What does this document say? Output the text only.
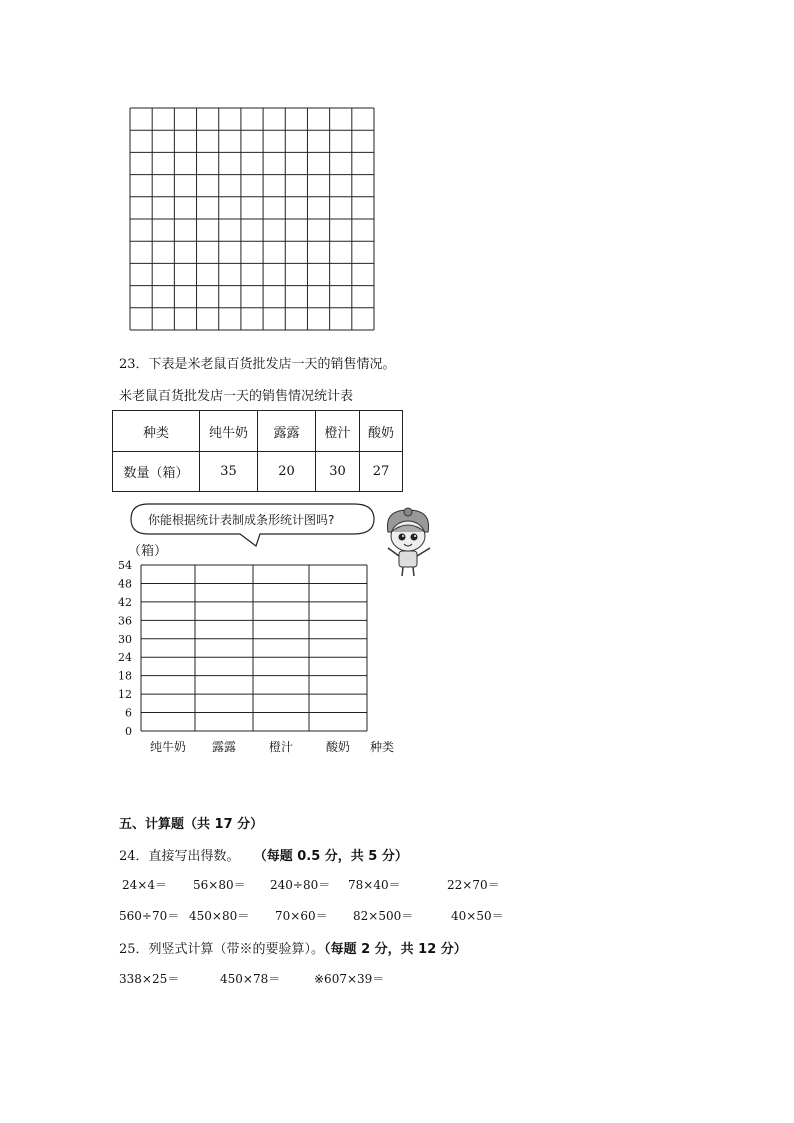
23．下表是米老鼠百货批发店一天的销售情况。
米老鼠百货批发店一天的销售情况统计表
种类	纯牛奶	露露	橙汁	酸奶
数量（箱）	35	20	30	27
你能根据统计表制成条形统计图吗?
（箱）
54
48
42
36
30
24
18
12
6
0
纯牛奶 露露	橙汁	酸奶 种类
五、计算题（共 17 分）
24．直接写出得数。 （每题 0.5 分，共 5 分）
24×4＝ 56×80＝ 240÷80＝ 78×40＝	22×70＝
560÷70＝ 450×80＝ 70×60＝ 82×500＝	40×50＝
25．列竖式计算（带※的要验算）。（每题 2 分，共 12 分）
338×25＝	450×78＝	※607×39＝
